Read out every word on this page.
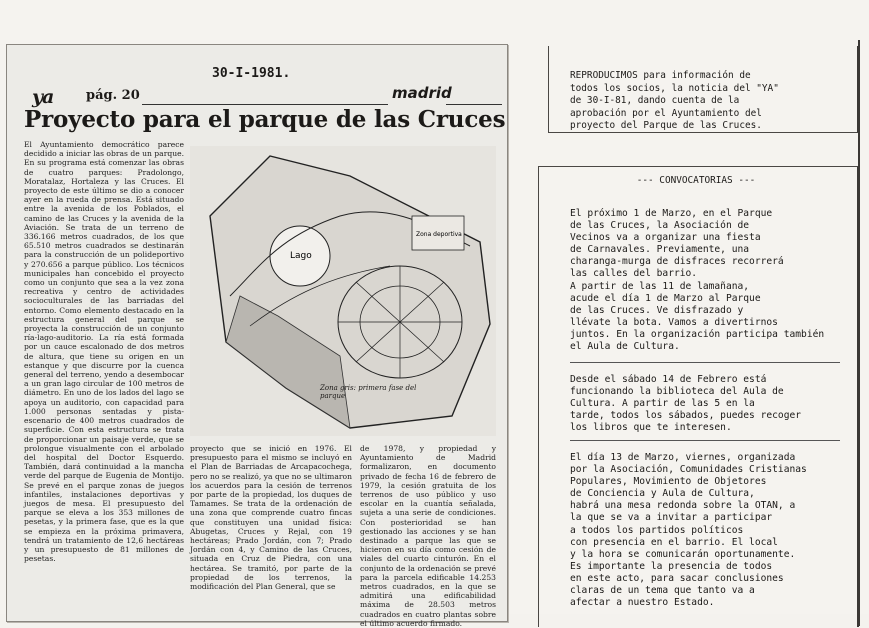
30-I-1981.
ya	pág. 20	madrid
Proyecto para el parque de las Cruces
El Ayuntamiento democrático parece decidido a iniciar las obras de un parque. En su programa está comenzar las obras de cuatro parques: Pradolongo, Moratalaz, Hortaleza y las Cruces. El proyecto de este último se dio a conocer ayer en la rueda de prensa. Está situado entre la avenida de los Poblados, el camino de las Cruces y la avenida de la Aviación. Se trata de un terreno de 336.166 metros cuadrados, de los que 65.510 metros cuadrados se destinarán para la construcción de un polideportivo y 270.656 a parque público. Los técnicos municipales han concebido el proyecto como un conjunto que sea a la vez zona recreativa y centro de actividades socioculturales de las barriadas del entorno. Como elemento destacado en la estructura general del parque se proyecta la construcción de un conjunto ría-lago-auditorio. La ría está formada por un cauce escalonado de dos metros de altura, que tiene su origen en un estanque y que discurre por la cuenca general del terreno, yendo a desembocar a un gran lago circular de 100 metros de diámetro. En uno de los lados del lago se apoya un auditorio, con capacidad para 1.000 personas sentadas y pista-escenario de 400 metros cuadrados de superficie. Con esta estructura se trata de proporcionar un paisaje verde, que se prolongue visualmente con el arbolado del hospital del Doctor Esquerdo. También, dará continuidad a la mancha verde del parque de Eugenia de Montijo. Se prevé en el parque zonas de juegos infantiles, instalaciones deportivas y juegos de mesa. El presupuesto del parque se eleva a los 353 millones de pesetas, y la primera fase, que es la que se empieza en la próxima primavera, tendrá un tratamiento de 12,6 hectáreas y un presupuesto de 81 millones de pesetas.
Lago
Zona deportiva
Zona gris: primera fase del parque
proyecto que se inició en 1976. El presupuesto para el mismo se incluyó en el Plan de Barriadas de Arcapacochega, pero no se realizó, ya que no se ultimaron los acuerdos para la cesión de terrenos por parte de la propiedad, los duques de Tamames. Se trata de la ordenación de una zona que comprende cuatro fincas que constituyen una unidad física: Abugetas, Cruces y Rejal, con 19 hectáreas; Prado Jordán, con 7; Prado Jordán con 4, y Camino de las Cruces, situada en Cruz de Piedra, con una hectárea. Se tramitó, por parte de la propiedad de los terrenos, la modificación del Plan General, que se
de 1978, y propiedad y Ayuntamiento de Madrid formalizaron, en documento privado de fecha 16 de febrero de 1979, la cesión gratuita de los terrenos de uso público y uso escolar en la cuantía señalada, sujeta a una serie de condiciones. Con posterioridad se han gestionado las acciones y se han destinado a parque las que se hicieron en su día como cesión de viales del cuarto cinturón. En el conjunto de la ordenación se prevé para la parcela edificable 14.253 metros cuadrados, en la que se admitirá una edificabilidad máxima de 28.503 metros cuadrados en cuatro plantas sobre el último acuerdo firmado.
REPRODUCIMOS para información de
todos los socios, la noticia del "YA"
de 30-I-81, dando cuenta de la
aprobación por el Ayuntamiento del
proyecto del Parque de las Cruces.
--- CONVOCATORIAS ---
El próximo 1 de Marzo, en el Parque
de las Cruces, la Asociación de
Vecinos va a organizar una fiesta
de Carnavales. Previamente, una
charanga-murga de disfraces recorrerá
las calles del barrio.
A partir de las 11 de lamañana,
acude el día 1 de Marzo al Parque
de las Cruces. Ve disfrazado y
llévate la bota. Vamos a divertirnos
juntos. En la organización participa también
el Aula de Cultura.
Desde el sábado 14 de Febrero está
funcionando la biblioteca del Aula de
Cultura. A partir de las 5 en la
tarde, todos los sábados, puedes recoger
los libros que te interesen.
El día 13 de Marzo, viernes, organizada
por la Asociación, Comunidades Cristianas
Populares, Movimiento de Objetores
de Conciencia y Aula de Cultura,
habrá una mesa redonda sobre la OTAN, a
la que se va a invitar a participar
a todos los partidos políticos
con presencia en el barrio. El local
y la hora se comunicarán oportunamente.
Es importante la presencia de todos
en este acto, para sacar conclusiones
claras de un tema que tanto va a
afectar a nuestro Estado.
